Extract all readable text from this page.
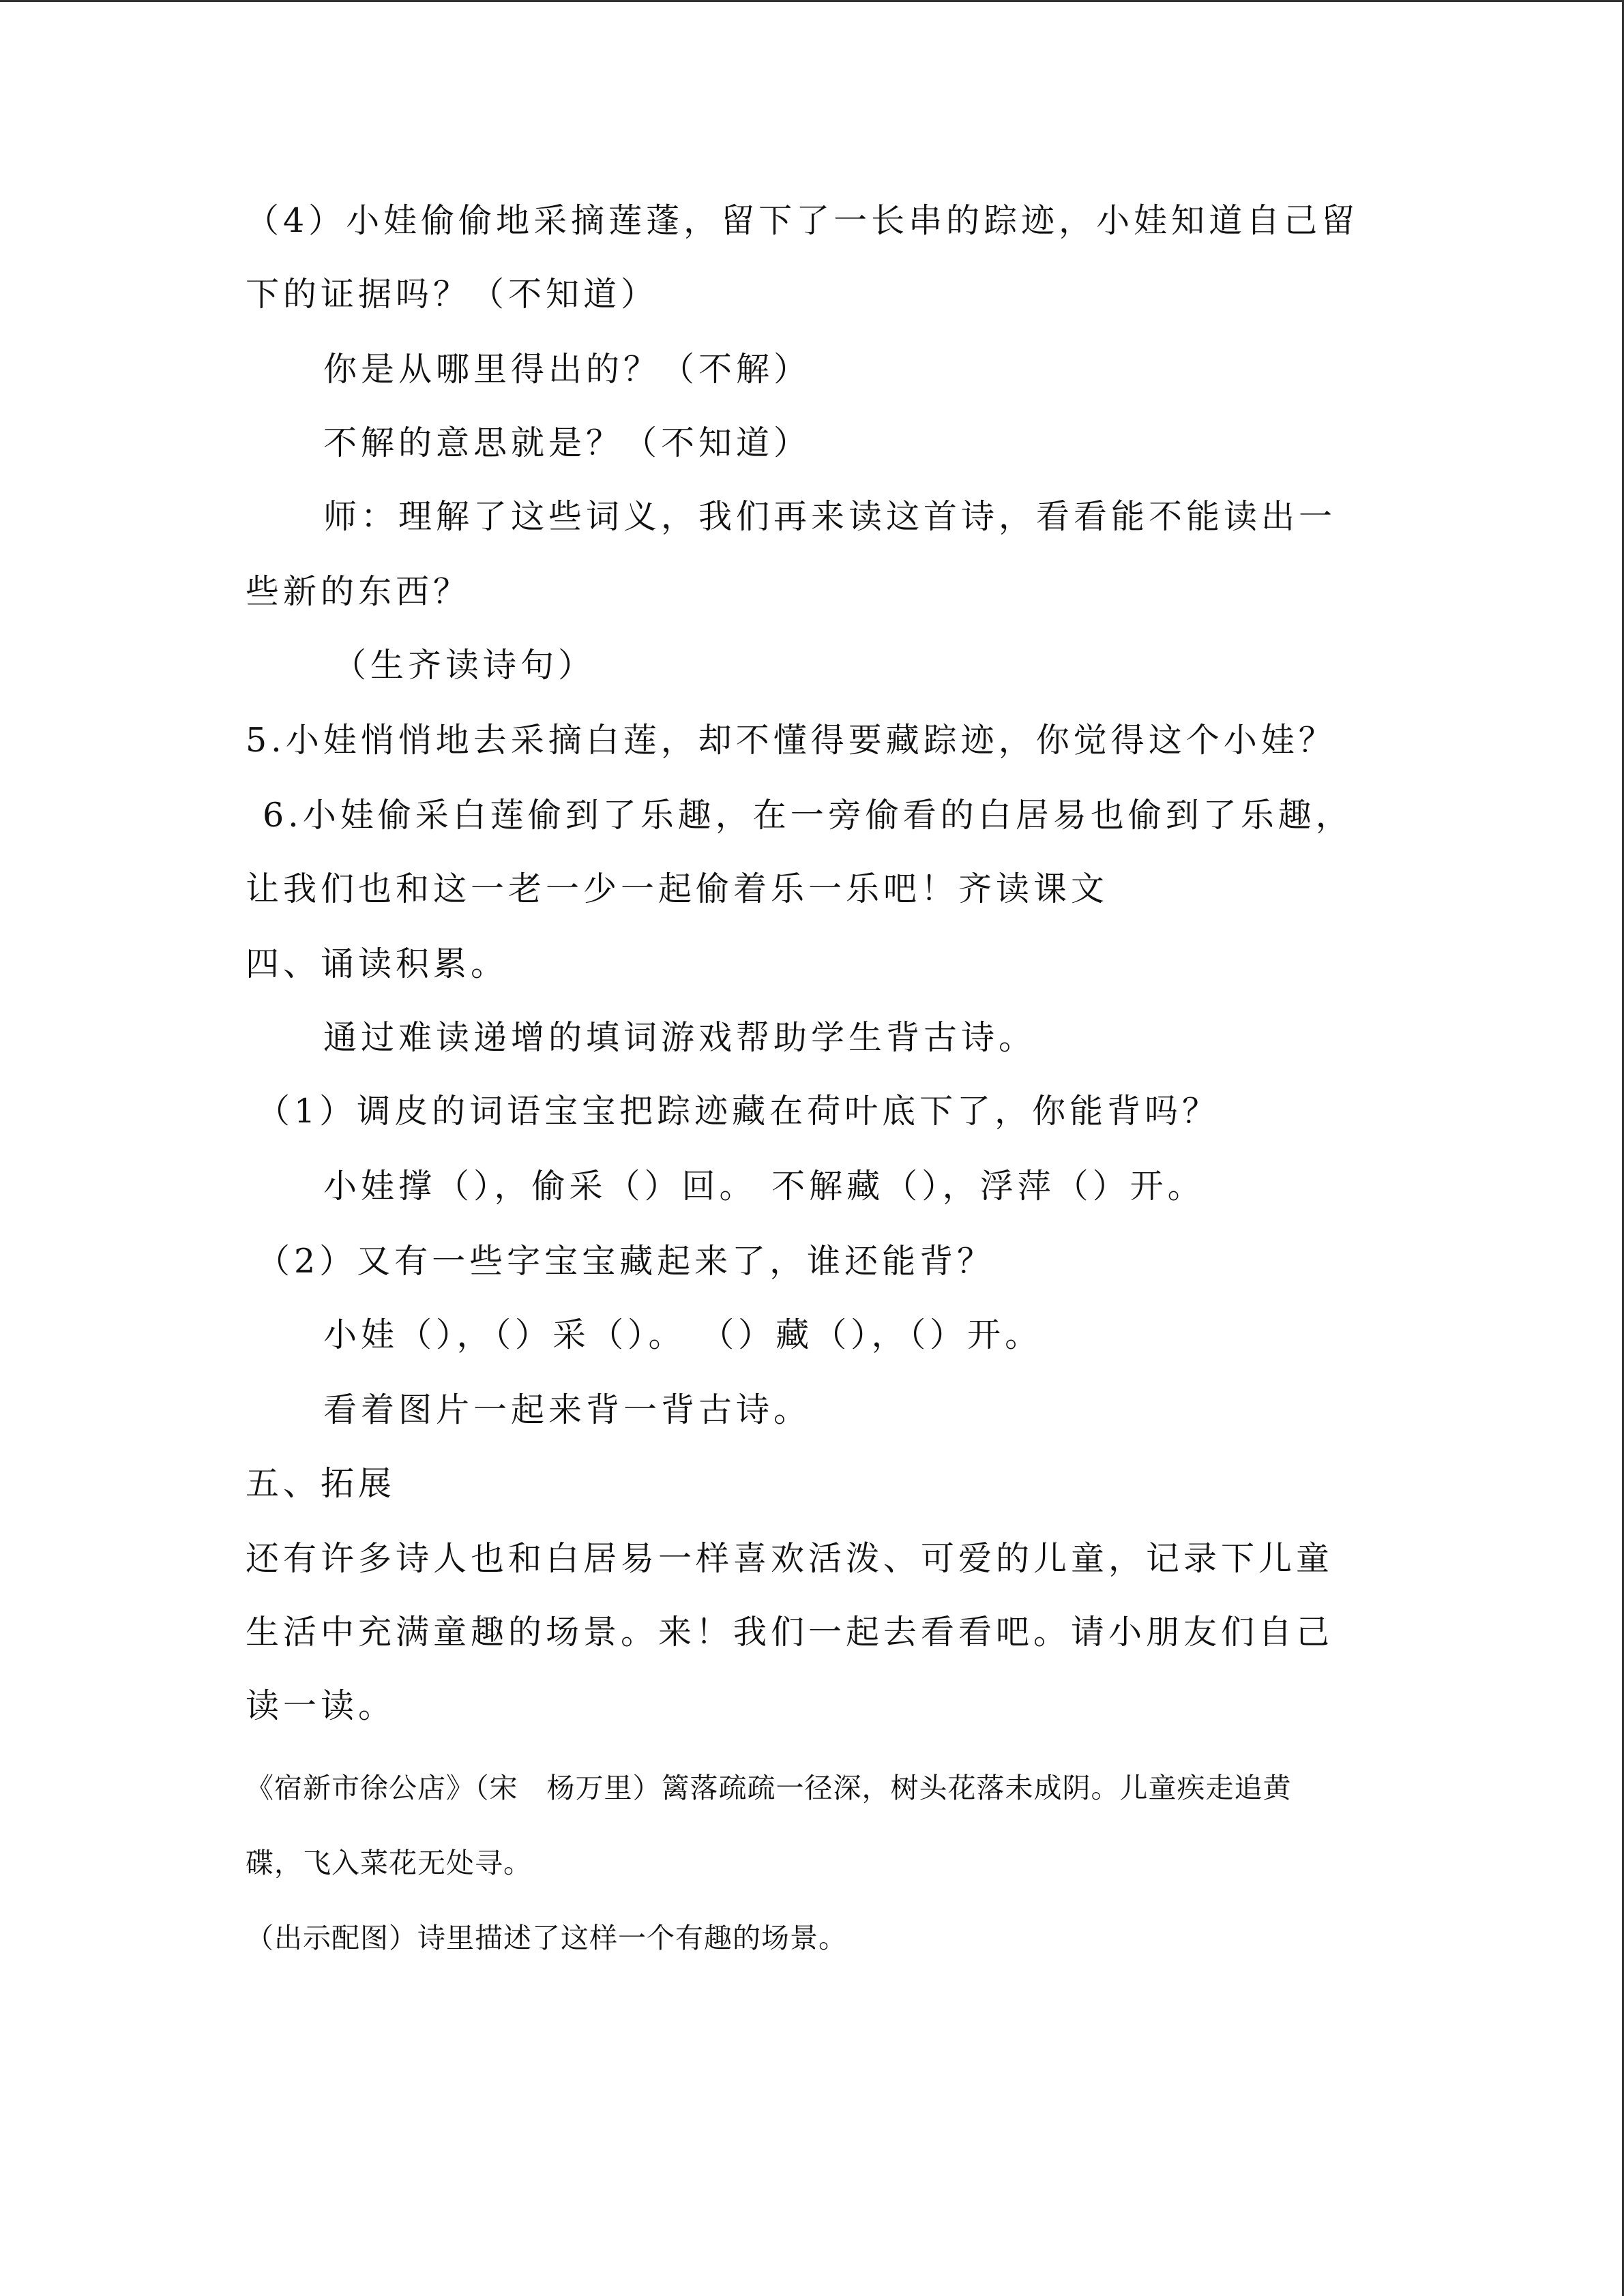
（4）小娃偷偷地采摘莲蓬，留下了一长串的踪迹，小娃知道自己留
下的证据吗？（不知道）
你是从哪里得出的？（不解）
不解的意思就是？（不知道）
师：理解了这些词义，我们再来读这首诗，看看能不能读出一
些新的东西？
（生齐读诗句）
5.小娃悄悄地去采摘白莲，却不懂得要藏踪迹，你觉得这个小娃？
6.小娃偷采白莲偷到了乐趣，在一旁偷看的白居易也偷到了乐趣，
让我们也和这一老一少一起偷着乐一乐吧！齐读课文
四、诵读积累。
通过难读递增的填词游戏帮助学生背古诗。
（1）调皮的词语宝宝把踪迹藏在荷叶底下了，你能背吗？
小娃撑（），偷采（）回。 不解藏（），浮萍（）开。
（2）又有一些字宝宝藏起来了，谁还能背？
小娃（），（）采（）。 （）藏（），（）开。
看着图片一起来背一背古诗。
五、拓展
还有许多诗人也和白居易一样喜欢活泼、可爱的儿童，记录下儿童
生活中充满童趣的场景。来！我们一起去看看吧。请小朋友们自己
读一读。
《宿新市徐公店》（宋　杨万里）篱落疏疏一径深，树头花落未成阴。儿童疾走追黄
碟，飞入菜花无处寻。
（出示配图）诗里描述了这样一个有趣的场景。
